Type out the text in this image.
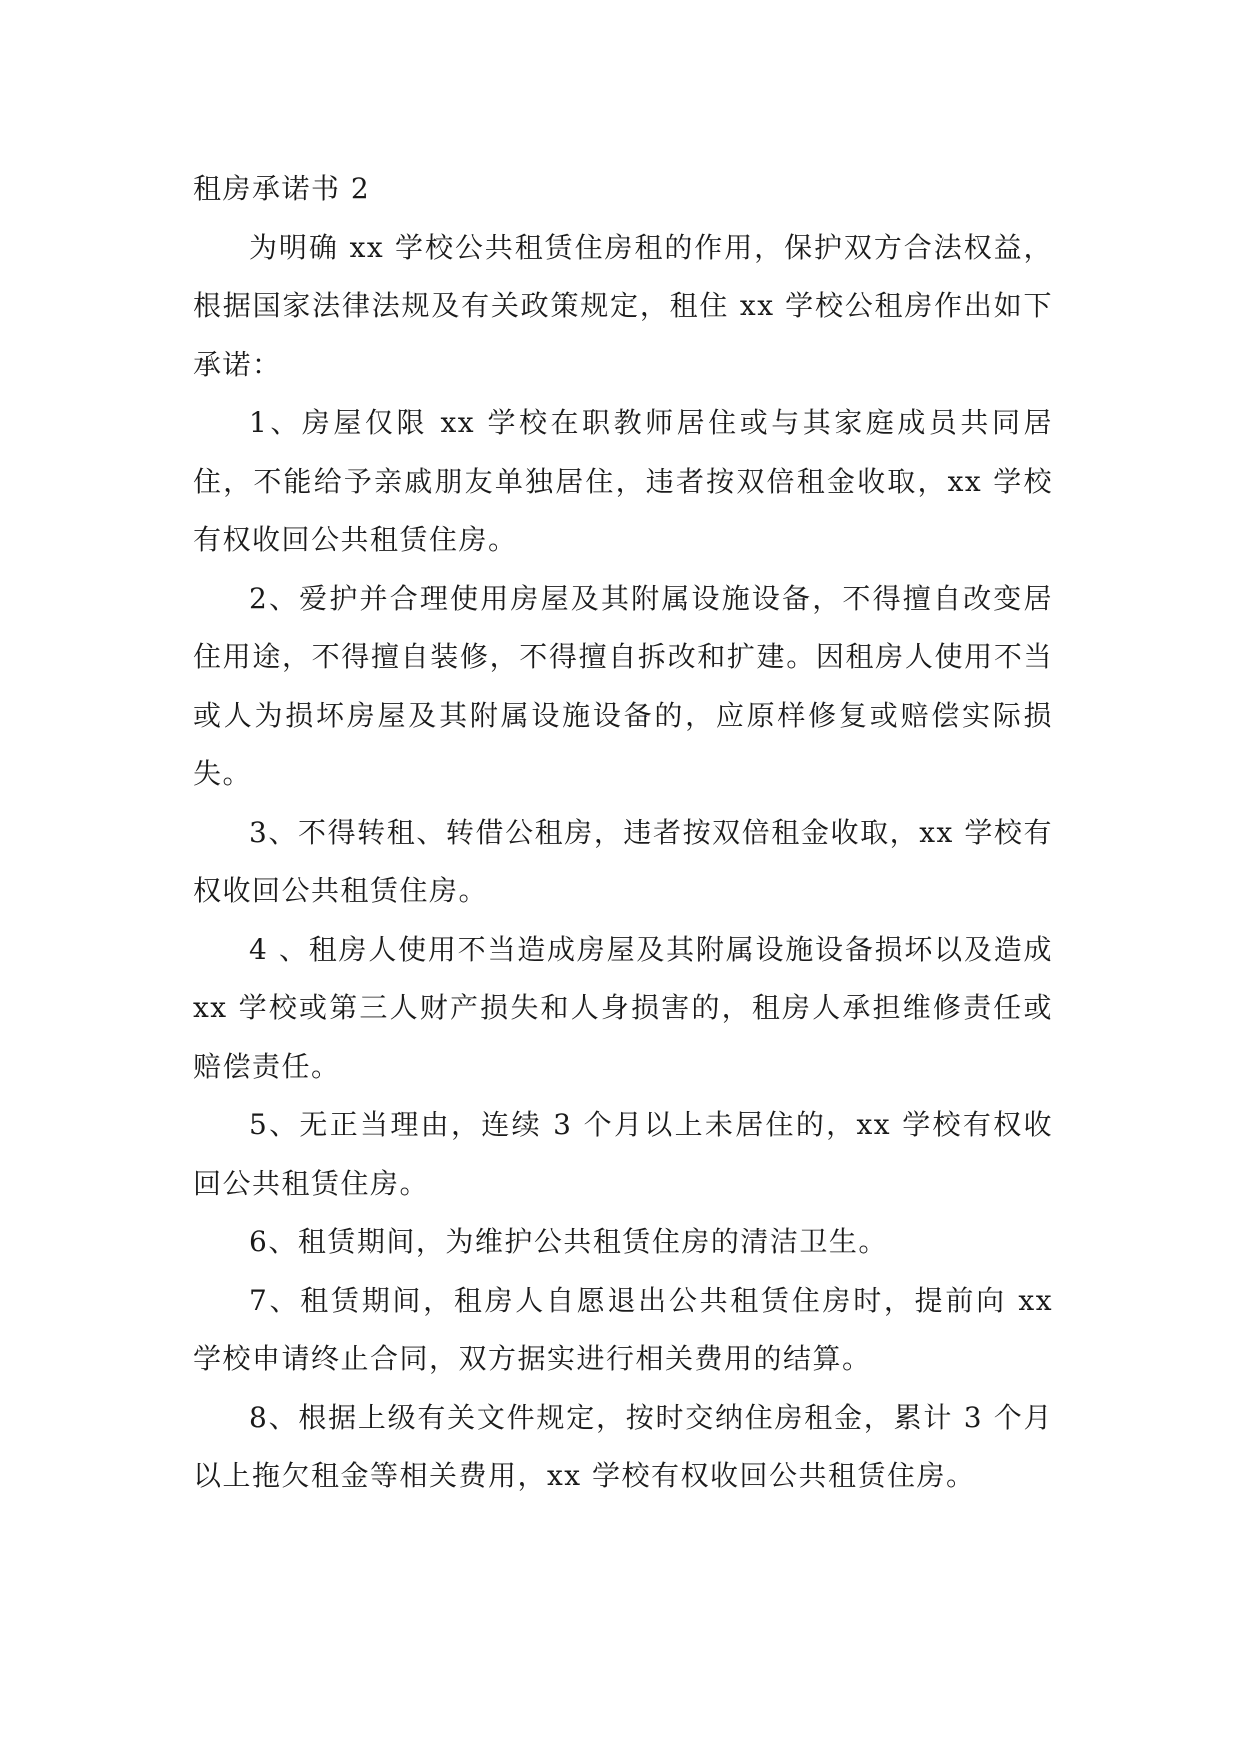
租房承诺书 2

为明确 xx 学校公共租赁住房租的作用，保护双方合法权益，根据国家法律法规及有关政策规定，租住 xx 学校公租房作出如下承诺：

1、房屋仅限 xx 学校在职教师居住或与其家庭成员共同居住，不能给予亲戚朋友单独居住，违者按双倍租金收取，xx 学校有权收回公共租赁住房。

2、爱护并合理使用房屋及其附属设施设备，不得擅自改变居住用途，不得擅自装修，不得擅自拆改和扩建。因租房人使用不当或人为损坏房屋及其附属设施设备的，应原样修复或赔偿实际损失。

3、不得转租、转借公租房，违者按双倍租金收取，xx 学校有权收回公共租赁住房。

4 、租房人使用不当造成房屋及其附属设施设备损坏以及造成 xx 学校或第三人财产损失和人身损害的，租房人承担维修责任或赔偿责任。

5、无正当理由，连续 3 个月以上未居住的，xx 学校有权收回公共租赁住房。

6、租赁期间，为维护公共租赁住房的清洁卫生。

7、租赁期间，租房人自愿退出公共租赁住房时，提前向 xx 学校申请终止合同，双方据实进行相关费用的结算。

8、根据上级有关文件规定，按时交纳住房租金，累计 3 个月以上拖欠租金等相关费用，xx 学校有权收回公共租赁住房。
